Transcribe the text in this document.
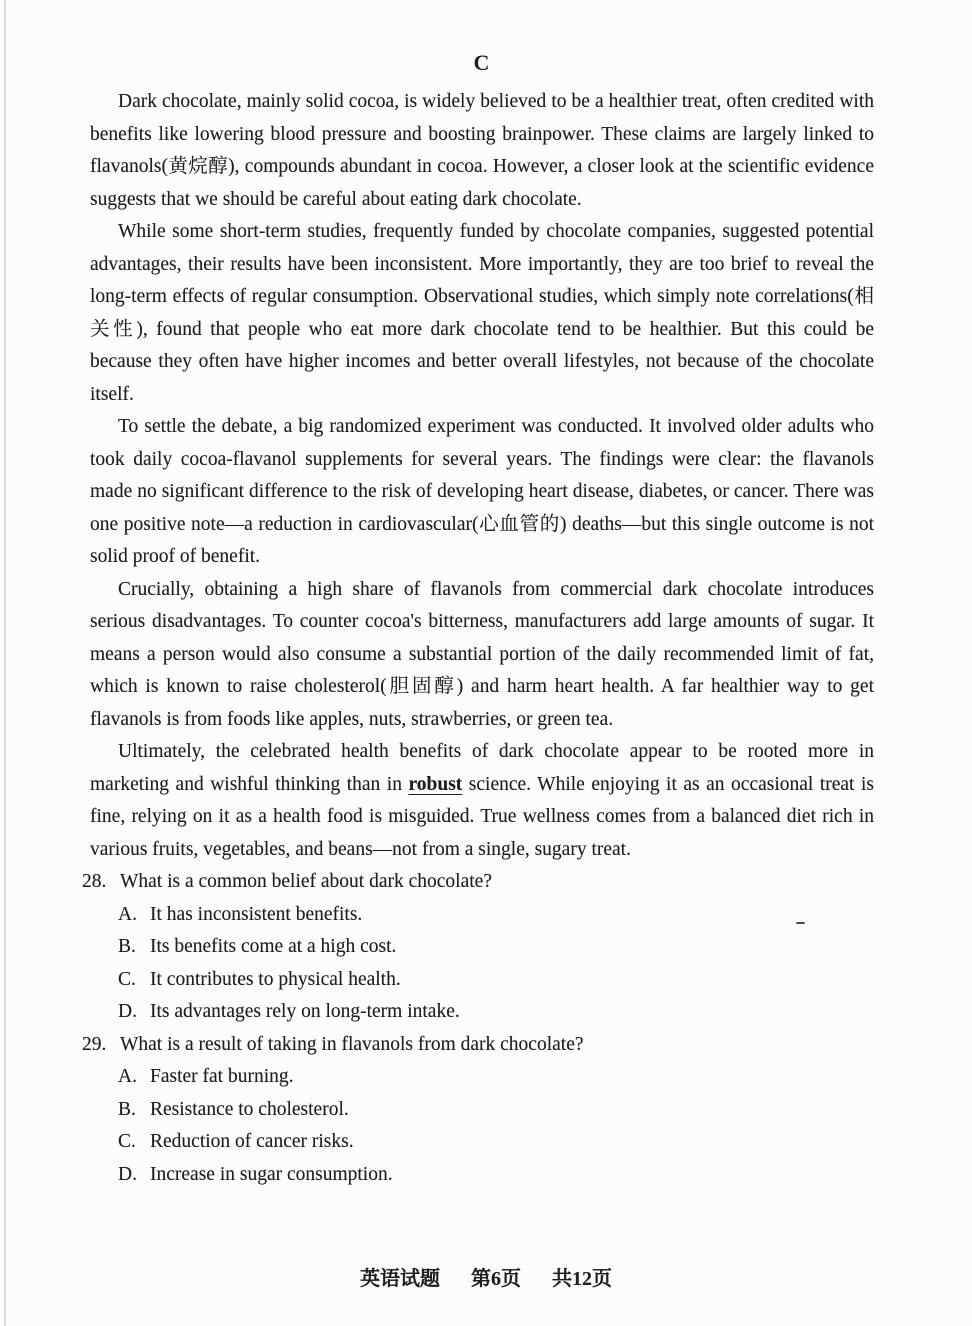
C

Dark chocolate, mainly solid cocoa, is widely believed to be a healthier treat, often credited with benefits like lowering blood pressure and boosting brainpower. These claims are largely linked to flavanols(黄烷醇), compounds abundant in cocoa. However, a closer look at the scientific evidence suggests that we should be careful about eating dark chocolate.

While some short-term studies, frequently funded by chocolate companies, suggested potential advantages, their results have been inconsistent. More importantly, they are too brief to reveal the long-term effects of regular consumption. Observational studies, which simply note correlations(相关性), found that people who eat more dark chocolate tend to be healthier. But this could be because they often have higher incomes and better overall lifestyles, not because of the chocolate itself.

To settle the debate, a big randomized experiment was conducted. It involved older adults who took daily cocoa-flavanol supplements for several years. The findings were clear: the flavanols made no significant difference to the risk of developing heart disease, diabetes, or cancer. There was one positive note—a reduction in cardiovascular(心血管的) deaths—but this single outcome is not solid proof of benefit.

Crucially, obtaining a high share of flavanols from commercial dark chocolate introduces serious disadvantages. To counter cocoa's bitterness, manufacturers add large amounts of sugar. It means a person would also consume a substantial portion of the daily recommended limit of fat, which is known to raise cholesterol(胆固醇) and harm heart health. A far healthier way to get flavanols is from foods like apples, nuts, strawberries, or green tea.

Ultimately, the celebrated health benefits of dark chocolate appear to be rooted more in marketing and wishful thinking than in robust science. While enjoying it as an occasional treat is fine, relying on it as a health food is misguided. True wellness comes from a balanced diet rich in various fruits, vegetables, and beans—not from a single, sugary treat.

28. What is a common belief about dark chocolate?
A. It has inconsistent benefits.
B. Its benefits come at a high cost.
C. It contributes to physical health.
D. Its advantages rely on long-term intake.
29. What is a result of taking in flavanols from dark chocolate?
A. Faster fat burning.
B. Resistance to cholesterol.
C. Reduction of cancer risks.
D. Increase in sugar consumption.
英语试题 第6页 共12页
